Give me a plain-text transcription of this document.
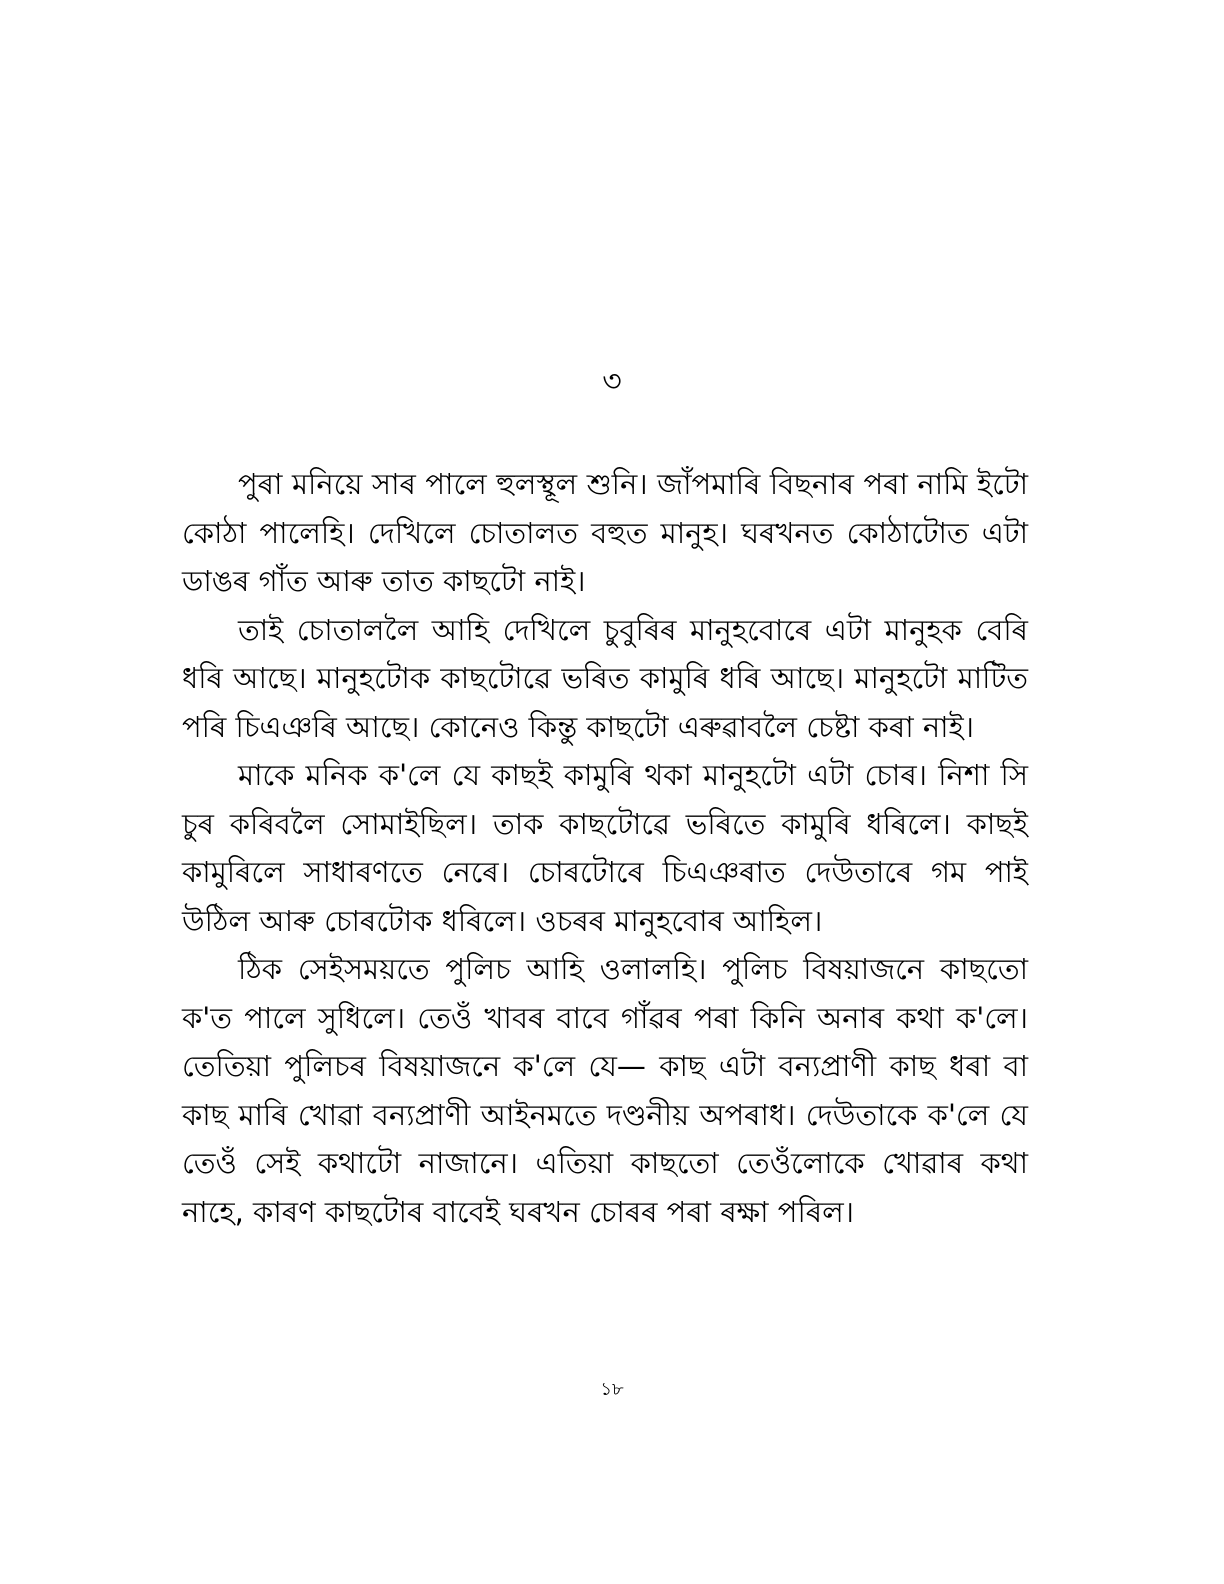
৩

পুৰা মনিয়ে সাৰ পালে হুলস্থূল শুনি। জাঁপমাৰি বিছনাৰ পৰা নামি ইটো কোঠা পালেহি। দেখিলে চোতালত বহুত মানুহ। ঘৰখনত কোঠাটোত এটা ডাঙৰ গাঁত আৰু তাত কাছটো নাই।

তাই চোতাললৈ আহি দেখিলে চুবুৰিৰ মানুহবোৰে এটা মানুহক বেৰি ধৰি আছে। মানুহটোক কাছটোৱে ভৰিত কামুৰি ধৰি আছে। মানুহটো মাটিত পৰি চিএঞৰি আছে। কোনেও কিন্তু কাছটো এৰুৱাবলৈ চেষ্টা কৰা নাই।

মাকে মনিক ক'লে যে কাছই কামুৰি থকা মানুহটো এটা চোৰ। নিশা সি চুৰ কৰিবলৈ সোমাইছিল। তাক কাছটোৱে ভৰিতে কামুৰি ধৰিলে। কাছই কামুৰিলে সাধাৰণতে নেৰে। চোৰটোৰে চিএঞৰাত দেউতাৰে গম পাই উঠিল আৰু চোৰটোক ধৰিলে। ওচৰৰ মানুহবোৰ আহিল।

ঠিক সেইসময়তে পুলিচ আহি ওলালহি। পুলিচ বিষয়াজনে কাছতো ক'ত পালে সুধিলে। তেওঁ খাবৰ বাবে গাঁৱৰ পৰা কিনি অনাৰ কথা ক'লে। তেতিয়া পুলিচৰ বিষয়াজনে ক'লে যে— কাছ এটা বন্যপ্ৰাণী কাছ ধৰা বা কাছ মাৰি খোৱা বন্যপ্ৰাণী আইনমতে দণ্ডনীয় অপৰাধ। দেউতাকে ক'লে যে তেওঁ সেই কথাটো নাজানে। এতিয়া কাছতো তেওঁলোকে খোৱাৰ কথা নাহে, কাৰণ কাছটোৰ বাবেই ঘৰখন চোৰৰ পৰা ৰক্ষা পৰিল।

১৮
